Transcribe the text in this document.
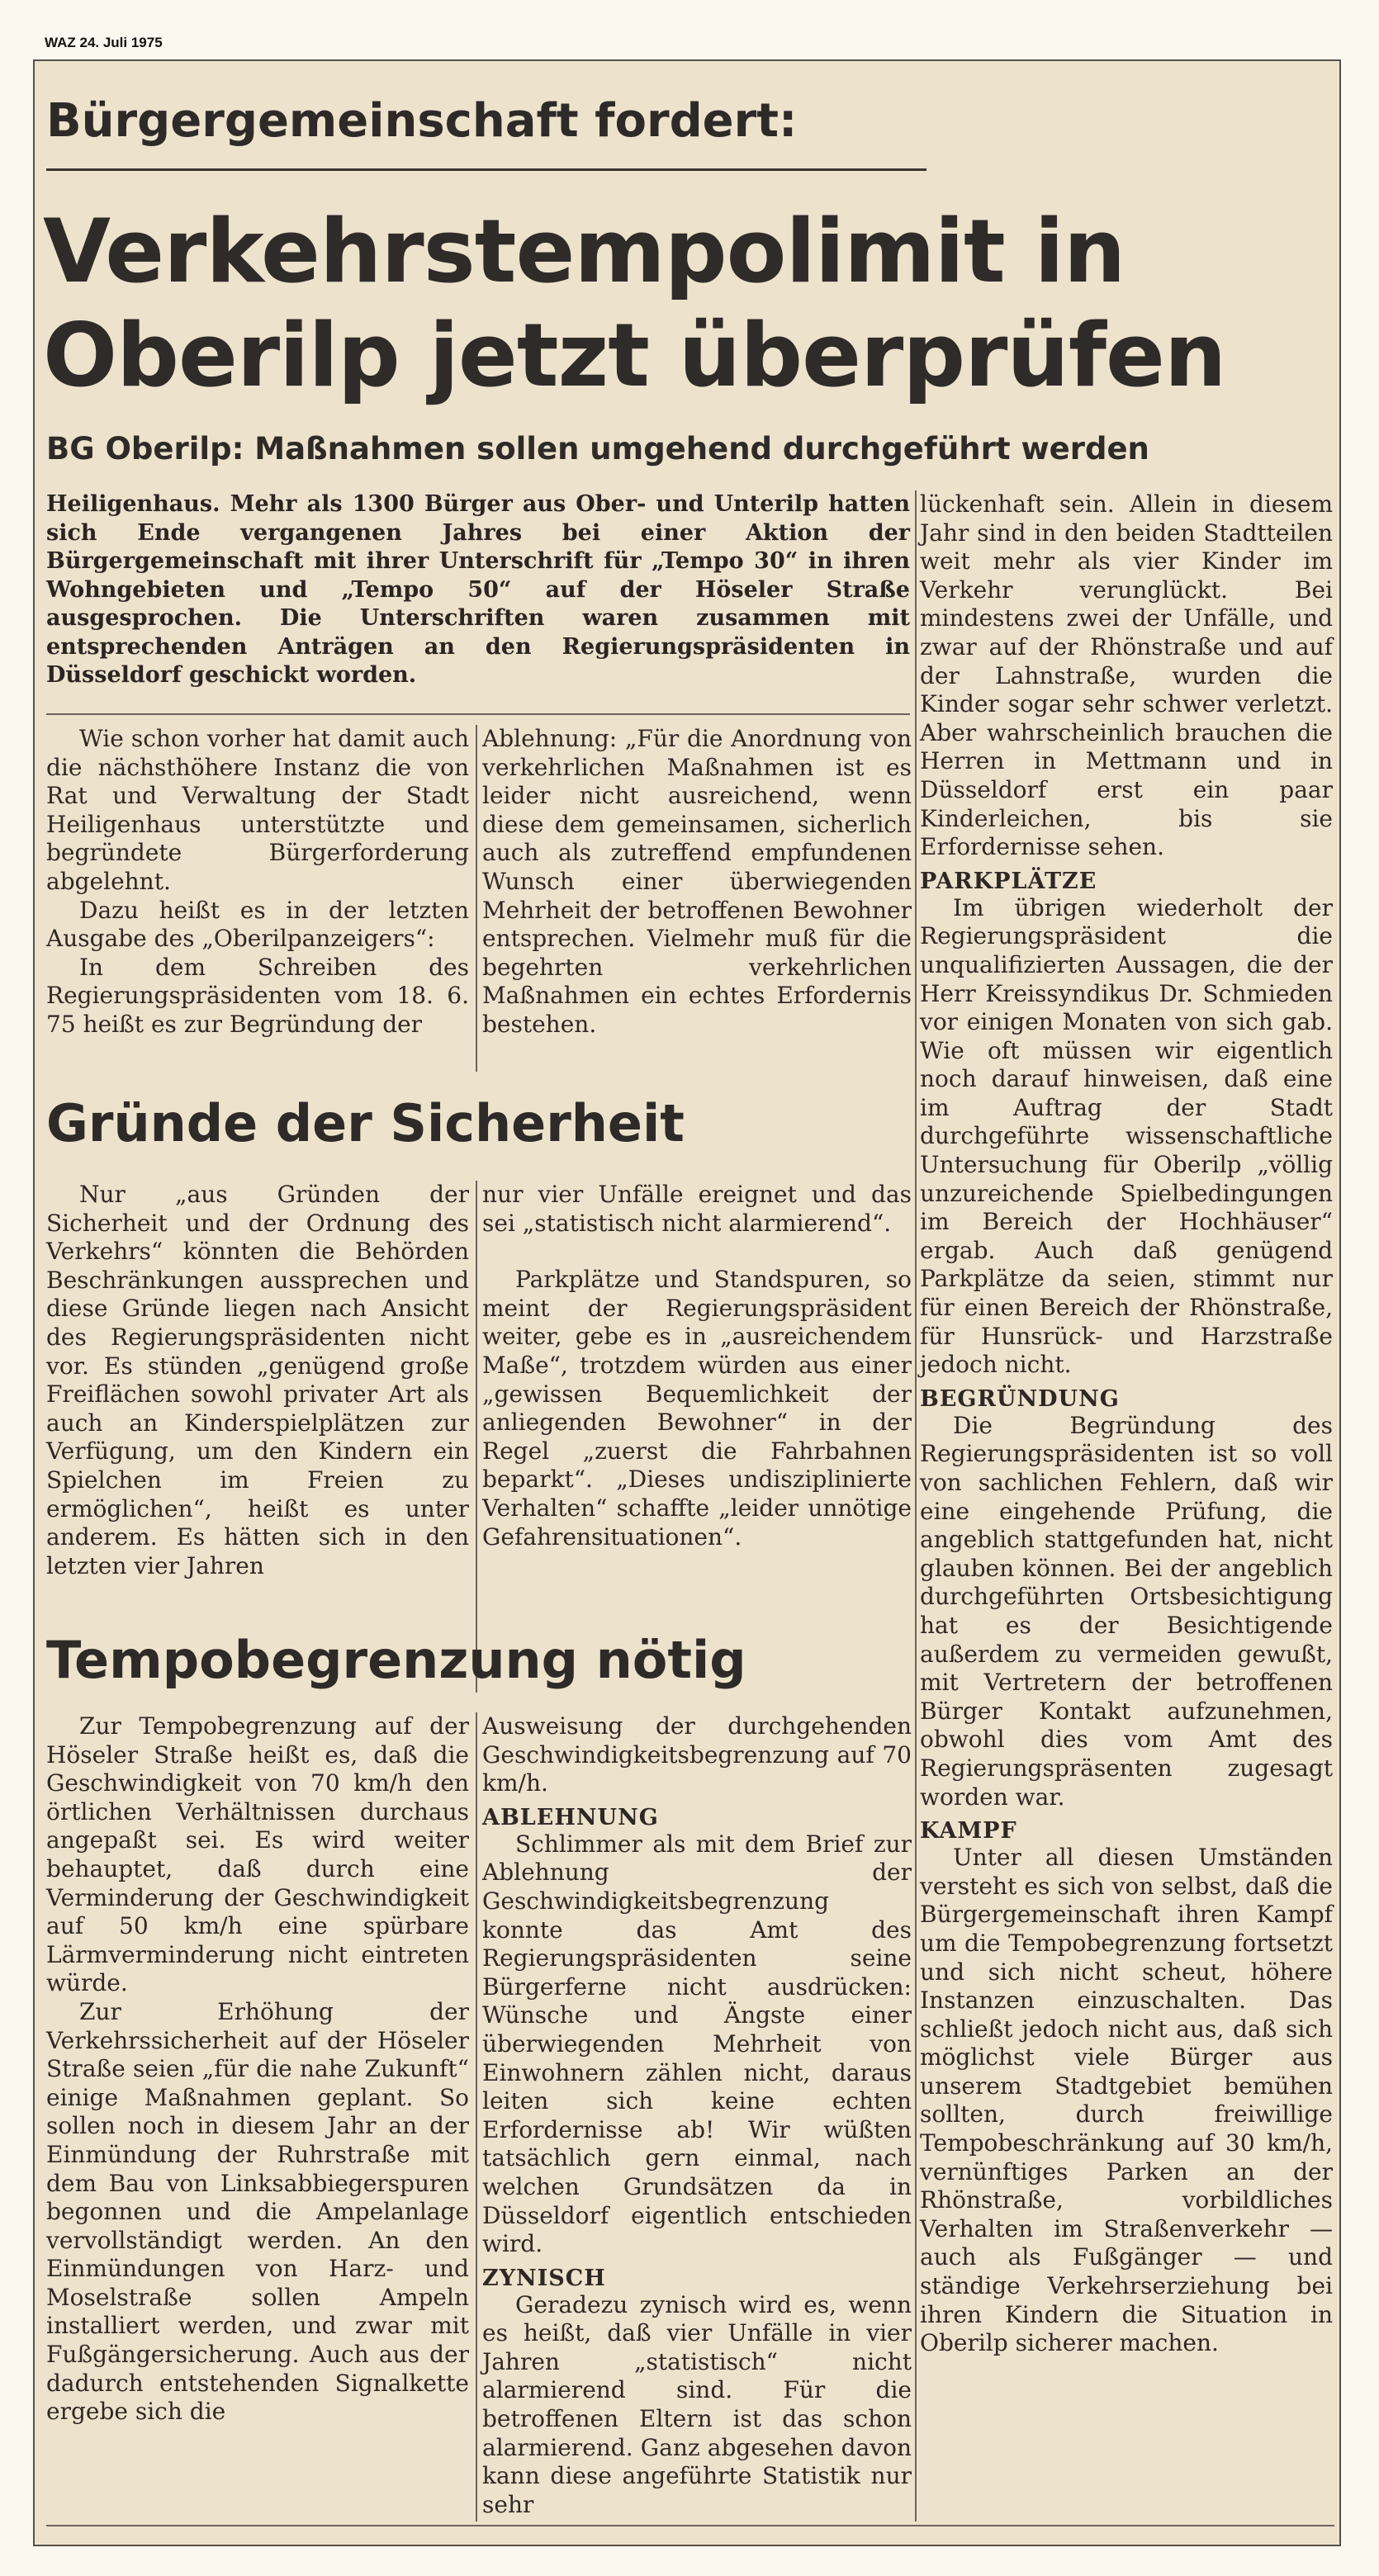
WAZ 24. Juli 1975
Bürgergemeinschaft fordert:
Verkehrstempolimit in
Oberilp jetzt überprüfen
BG Oberilp: Maßnahmen sollen umgehend durchgeführt werden
Heiligenhaus. Mehr als 1300 Bürger aus Ober- und Unterilp hatten sich Ende vergangenen Jahres bei einer Aktion der Bürgergemeinschaft mit ihrer Unterschrift für „Tempo 30“ in ihren Wohngebieten und „Tempo 50“ auf der Höseler Straße ausgesprochen. Die Unterschriften waren zusammen mit entsprechenden Anträgen an den Regierungspräsidenten in Düsseldorf geschickt worden.

lückenhaft sein. Allein in diesem Jahr sind in den beiden Stadtteilen weit mehr als vier Kinder im Verkehr verunglückt. Bei mindestens zwei der Unfälle, und zwar auf der Rhönstraße und auf der Lahnstraße, wurden die Kinder sogar sehr schwer verletzt. Aber wahrscheinlich brauchen die Herren in Mettmann und in Düsseldorf erst ein paar Kinderleichen, bis sie Erfordernisse sehen.

PARKPLÄTZE

Im übrigen wiederholt der Regierungspräsident die unqualifizierten Aussagen, die der Herr Kreissyndikus Dr. Schmieden vor einigen Monaten von sich gab. Wie oft müssen wir eigentlich noch darauf hinweisen, daß eine im Auftrag der Stadt durchgeführte wissenschaftliche Untersuchung für Oberilp „völlig unzureichende Spielbedingungen im Bereich der Hochhäuser“ ergab. Auch daß genügend Parkplätze da seien, stimmt nur für einen Bereich der Rhönstraße, für Hunsrück- und Harzstraße jedoch nicht.

BEGRÜNDUNG

Die Begründung des Regierungspräsidenten ist so voll von sachlichen Fehlern, daß wir eine eingehende Prüfung, die angeblich stattgefunden hat, nicht glauben können. Bei der angeblich durchgeführten Ortsbesichtigung hat es der Besichtigende außerdem zu vermeiden gewußt, mit Vertretern der betroffenen Bürger Kontakt aufzunehmen, obwohl dies vom Amt des Regierungspräsenten zugesagt worden war.

KAMPF

Unter all diesen Umständen versteht es sich von selbst, daß die Bürgergemeinschaft ihren Kampf um die Tempobegrenzung fortsetzt und sich nicht scheut, höhere Instanzen einzuschalten. Das schließt jedoch nicht aus, daß sich möglichst viele Bürger aus unserem Stadtgebiet bemühen sollten, durch freiwillige Tempobeschränkung auf 30 km/h, vernünftiges Parken an der Rhönstraße, vorbildliches Verhalten im Straßenverkehr — auch als Fußgänger — und ständige Verkehrserziehung bei ihren Kindern die Situation in Oberilp sicherer machen.

Wie schon vorher hat damit auch die nächsthöhere Instanz die von Rat und Verwaltung der Stadt Heiligenhaus unterstützte und begründete Bürgerforderung abgelehnt.

Dazu heißt es in der letzten Ausgabe des „Oberilpanzeigers“:

In dem Schreiben des Regierungspräsidenten vom 18. 6. 75 heißt es zur Begründung der

Ablehnung: „Für die Anordnung von verkehrlichen Maßnahmen ist es leider nicht ausreichend, wenn diese dem gemeinsamen, sicherlich auch als zutreffend empfundenen Wunsch einer überwiegenden Mehrheit der betroffenen Bewohner entsprechen. Vielmehr muß für die begehrten verkehrlichen Maßnahmen ein echtes Erfordernis bestehen.

Gründe der Sicherheit

Nur „aus Gründen der Sicherheit und der Ordnung des Verkehrs“ könnten die Behörden Beschränkungen aussprechen und diese Gründe liegen nach Ansicht des Regierungspräsidenten nicht vor. Es stünden „genügend große Freiflächen sowohl privater Art als auch an Kinderspielplätzen zur Verfügung, um den Kindern ein Spielchen im Freien zu ermöglichen“, heißt es unter anderem. Es hätten sich in den letzten vier Jahren

nur vier Unfälle ereignet und das sei „statistisch nicht alarmierend“.

Parkplätze und Standspuren, so meint der Regierungspräsident weiter, gebe es in „ausreichendem Maße“, trotzdem würden aus einer „gewissen Bequemlichkeit der anliegenden Bewohner“ in der Regel „zuerst die Fahrbahnen beparkt“. „Dieses undisziplinierte Verhalten“ schaffte „leider unnötige Gefahrensituationen“.

Tempobegrenzung nötig

Zur Tempobegrenzung auf der Höseler Straße heißt es, daß die Geschwindigkeit von 70 km/h den örtlichen Verhältnissen durchaus angepaßt sei. Es wird weiter behauptet, daß durch eine Verminderung der Geschwindigkeit auf 50 km/h eine spürbare Lärmverminderung nicht eintreten würde.

Zur Erhöhung der Verkehrssicherheit auf der Höseler Straße seien „für die nahe Zukunft“ einige Maßnahmen geplant. So sollen noch in diesem Jahr an der Einmündung der Ruhrstraße mit dem Bau von Linksabbiegerspuren begonnen und die Ampelanlage vervollständigt werden. An den Einmündungen von Harz- und Moselstraße sollen Ampeln installiert werden, und zwar mit Fußgängersicherung. Auch aus der dadurch entstehenden Signalkette ergebe sich die

Ausweisung der durchgehenden Geschwindigkeitsbegrenzung auf 70 km/h.

ABLEHNUNG

Schlimmer als mit dem Brief zur Ablehnung der Geschwindigkeitsbegrenzung konnte das Amt des Regierungspräsidenten seine Bürgerferne nicht ausdrücken: Wünsche und Ängste einer überwiegenden Mehrheit von Einwohnern zählen nicht, daraus leiten sich keine echten Erfordernisse ab! Wir wüßten tatsächlich gern einmal, nach welchen Grundsätzen da in Düsseldorf eigentlich entschieden wird.

ZYNISCH

Geradezu zynisch wird es, wenn es heißt, daß vier Unfälle in vier Jahren „statistisch“ nicht alarmierend sind. Für die betroffenen Eltern ist das schon alarmierend. Ganz abgesehen davon kann diese angeführte Statistik nur sehr
